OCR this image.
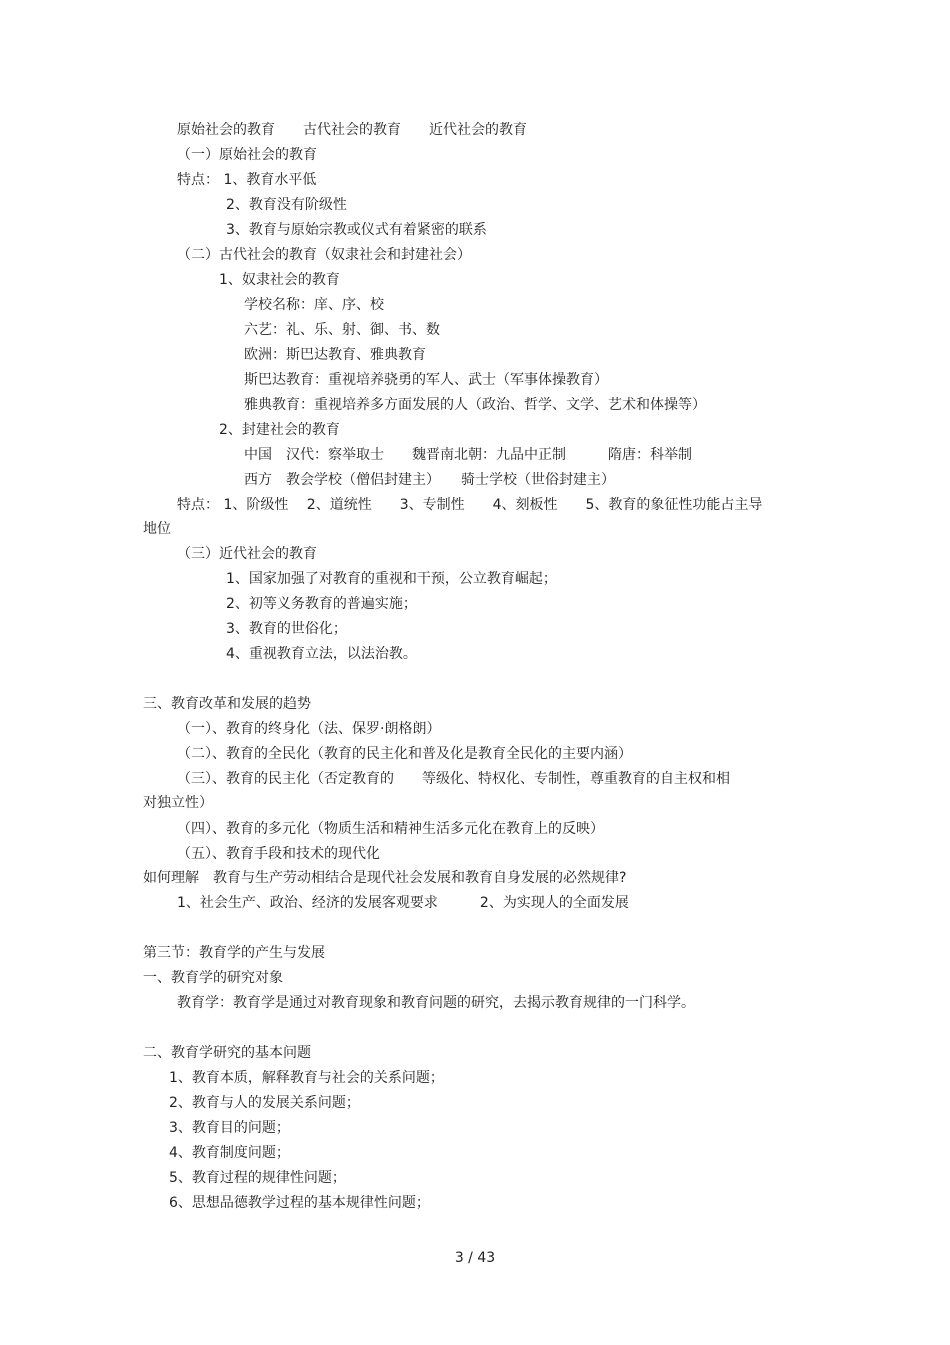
原始社会的教育　　古代社会的教育　　近代社会的教育
（一）原始社会的教育
特点： 1、教育水平低
2、教育没有阶级性
3、教育与原始宗教或仪式有着紧密的联系
（二）古代社会的教育（奴隶社会和封建社会）
1、奴隶社会的教育
学校名称：庠、序、校
六艺：礼、乐、射、御、书、数
欧洲：斯巴达教育、雅典教育
斯巴达教育：重视培养骁勇的军人、武士（军事体操教育）
雅典教育：重视培养多方面发展的人（政治、哲学、文学、艺术和体操等）
2、封建社会的教育
中国　汉代：察举取士　　魏晋南北朝：九品中正制　　　隋唐：科举制
西方　教会学校（僧侣封建主）　　骑士学校（世俗封建主）
特点： 1、阶级性　 2、道统性　　3、专制性　　4、刻板性　　5、教育的象征性功能占主导
地位
（三）近代社会的教育
1、国家加强了对教育的重视和干预，公立教育崛起；
2、初等义务教育的普遍实施；
3、教育的世俗化；
4、重视教育立法，以法治教。
三、教育改革和发展的趋势
（一）、教育的终身化（法、保罗·朗格朗）
（二）、教育的全民化（教育的民主化和普及化是教育全民化的主要内涵）
（三）、教育的民主化（否定教育的　　等级化、特权化、专制性，尊重教育的自主权和相
对独立性）
（四）、教育的多元化（物质生活和精神生活多元化在教育上的反映）
（五）、教育手段和技术的现代化
如何理解　教育与生产劳动相结合是现代社会发展和教育自身发展的必然规律?
1、社会生产、政治、经济的发展客观要求　　　2、为实现人的全面发展
第三节：教育学的产生与发展
一、教育学的研究对象
教育学：教育学是通过对教育现象和教育问题的研究，去揭示教育规律的一门科学。
二、教育学研究的基本问题
1、教育本质，解释教育与社会的关系问题；
2、教育与人的发展关系问题；
3、教育目的问题；
4、教育制度问题；
5、教育过程的规律性问题；
6、思想品德教学过程的基本规律性问题；
3 / 43
